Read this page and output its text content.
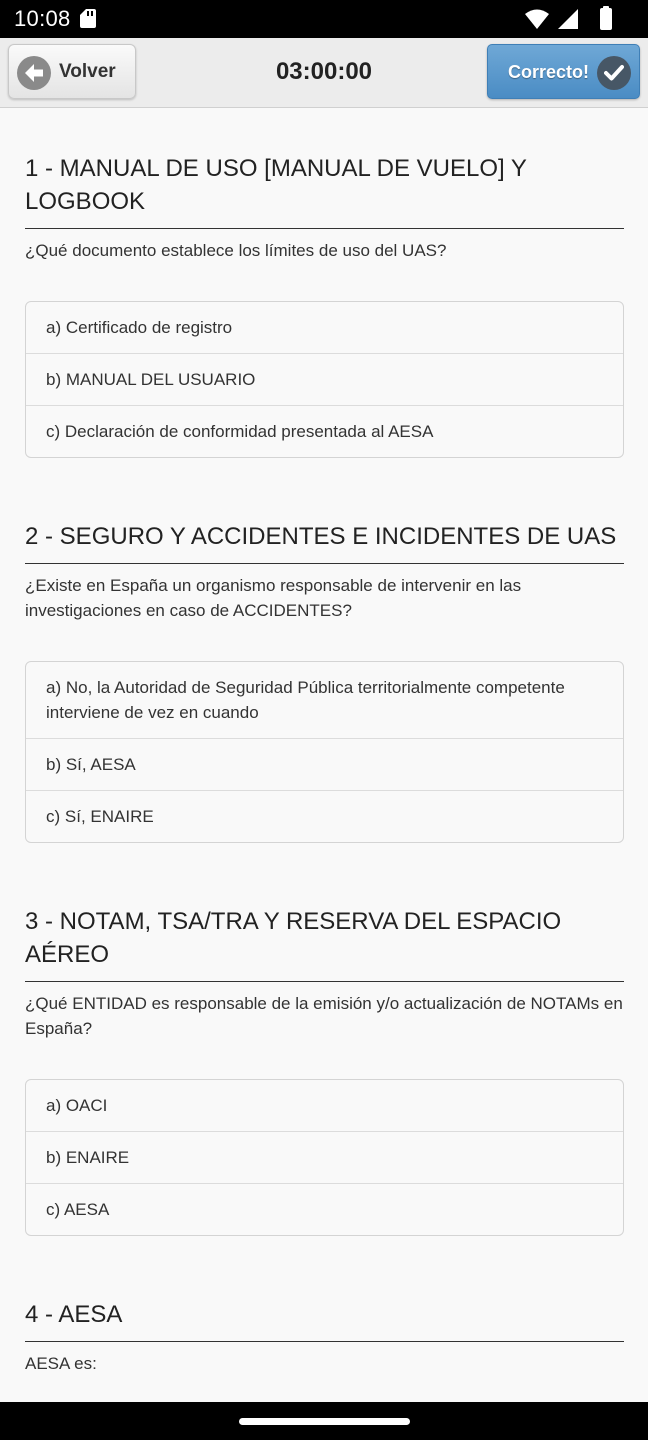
10:08
Volver	03:00:00	Correcto!
1 - MANUAL DE USO [MANUAL DE VUELO] Y LOGBOOK
¿Qué documento establece los límites de uso del UAS?
a) Certificado de registro
b) MANUAL DEL USUARIO
c) Declaración de conformidad presentada al AESA
2 - SEGURO Y ACCIDENTES E INCIDENTES DE UAS
¿Existe en España un organismo responsable de intervenir en las investigaciones en caso de ACCIDENTES?
a) No, la Autoridad de Seguridad Pública territorialmente competente interviene de vez en cuando
b) Sí, AESA
c) Sí, ENAIRE
3 - NOTAM, TSA/TRA Y RESERVA DEL ESPACIO AÉREO
¿Qué ENTIDAD es responsable de la emisión y/o actualización de NOTAMs en España?
a) OACI
b) ENAIRE
c) AESA
4 - AESA
AESA es:
